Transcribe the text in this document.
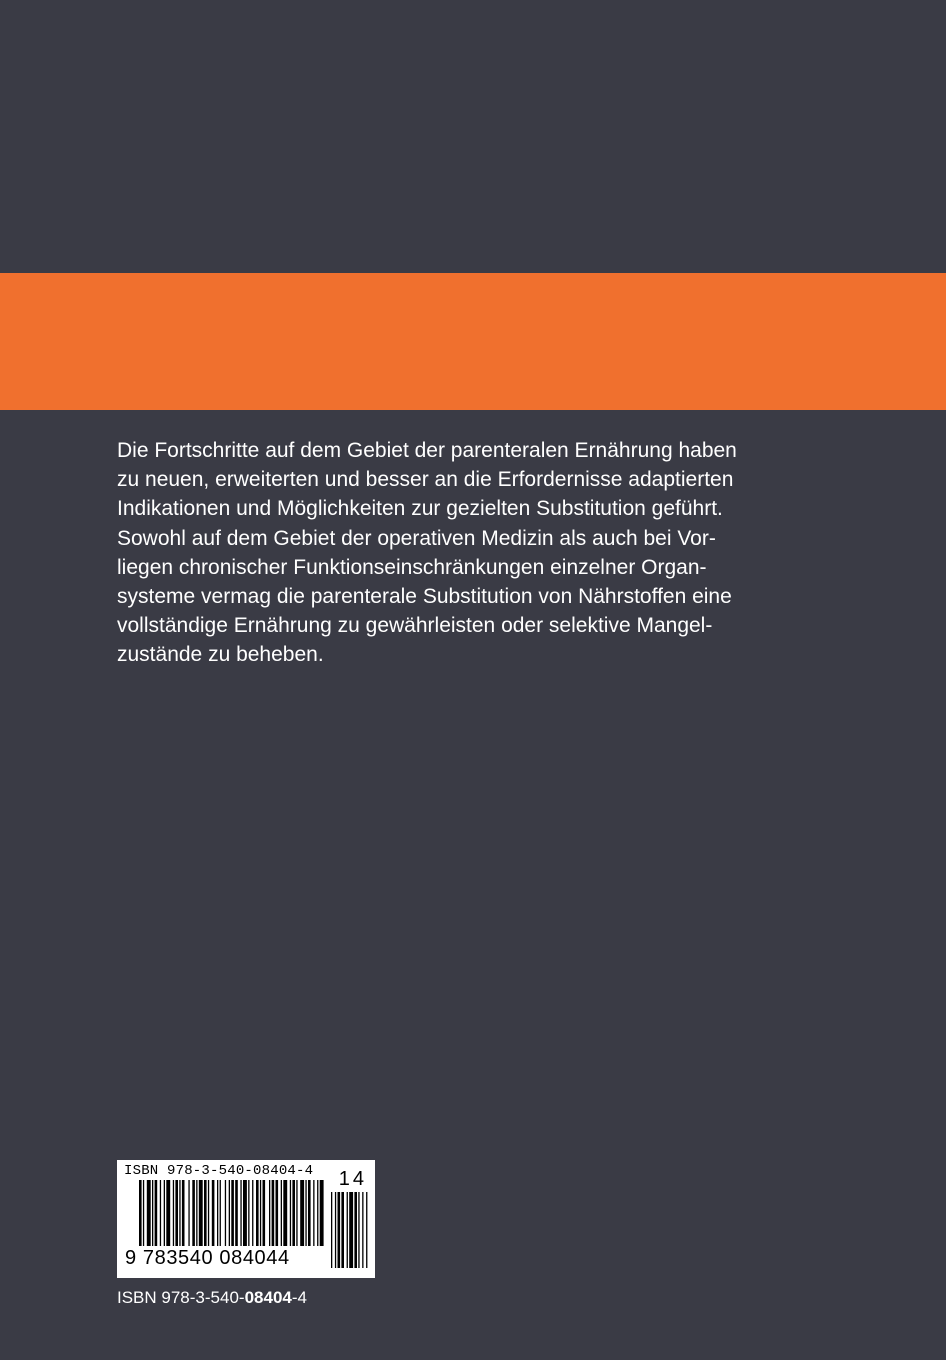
Die Fortschritte auf dem Gebiet der parenteralen Ernährung haben
zu neuen, erweiterten und besser an die Erfordernisse adaptierten
Indikationen und Möglichkeiten zur gezielten Substitution geführt.
Sowohl auf dem Gebiet der operativen Medizin als auch bei Vor-
liegen chronischer Funktionseinschränkungen einzelner Organ-
systeme vermag die parenterale Substitution von Nährstoffen eine
vollständige Ernährung zu gewährleisten oder selektive Mangel-
zustände zu beheben.
ISBN 978-3-540-08404-4 14
9 783540 084044
ISBN 978-3-540-08404-4
